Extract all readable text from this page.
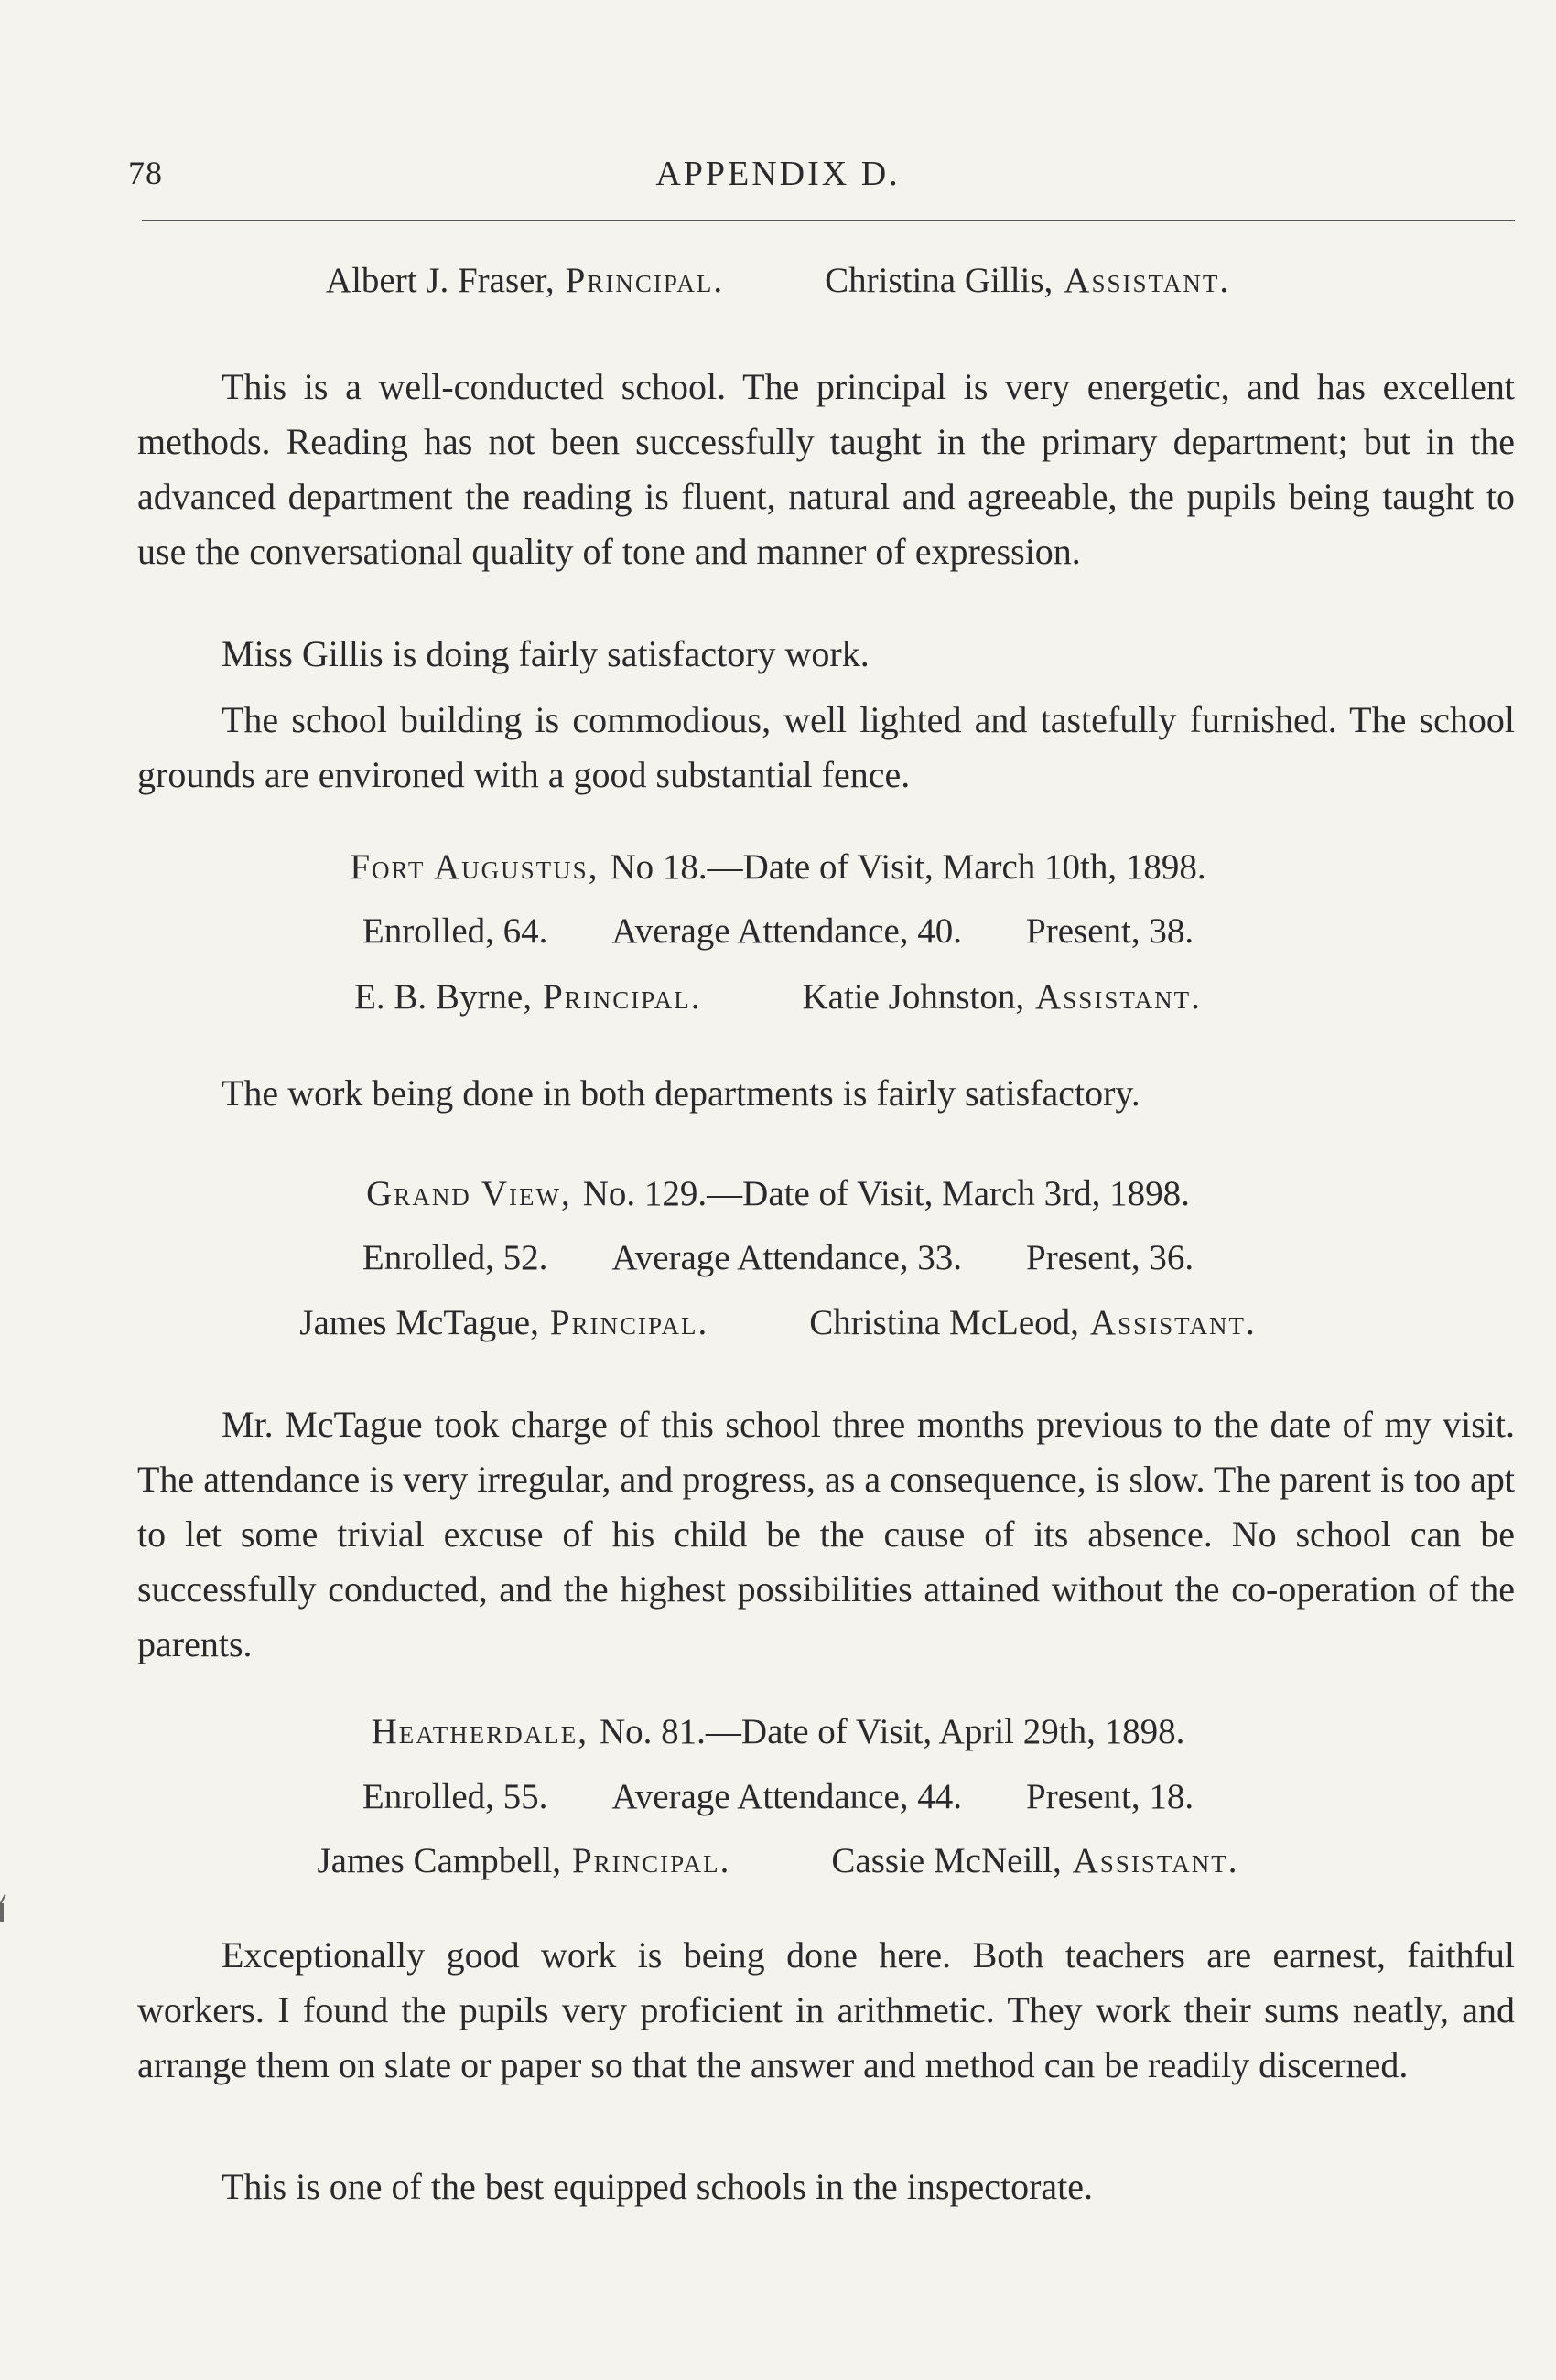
78	APPENDIX D.
Albert J. Fraser, Principal.	Christina Gillis, Assistant.

This is a well-conducted school. The principal is very energetic, and has excellent methods. Reading has not been successfully taught in the primary department; but in the advanced department the reading is fluent, natural and agreeable, the pupils being taught to use the conversational quality of tone and manner of expression.

Miss Gillis is doing fairly satisfactory work.

The school building is commodious, well lighted and tastefully furnished. The school grounds are environed with a good substantial fence.

Fort Augustus, No 18.—Date of Visit, March 10th, 1898.
Enrolled, 64. Average Attendance, 40. Present, 38.
E. B. Byrne, Principal.	Katie Johnston, Assistant.

The work being done in both departments is fairly satisfactory.

Grand View, No. 129.—Date of Visit, March 3rd, 1898.
Enrolled, 52. Average Attendance, 33. Present, 36.
James McTague, Principal.	Christina McLeod, Assistant.

Mr. McTague took charge of this school three months previous to the date of my visit. The attendance is very irregular, and progress, as a consequence, is slow. The parent is too apt to let some trivial excuse of his child be the cause of its absence. No school can be successfully conducted, and the highest possibilities attained without the co-operation of the parents.

Heatherdale, No. 81.—Date of Visit, April 29th, 1898.
Enrolled, 55. Average Attendance, 44. Present, 18.
James Campbell, Principal.	Cassie McNeill, Assistant.

Exceptionally good work is being done here. Both teachers are earnest, faithful workers. I found the pupils very proficient in arithmetic. They work their sums neatly, and arrange them on slate or paper so that the answer and method can be readily discerned.

This is one of the best equipped schools in the inspectorate.
